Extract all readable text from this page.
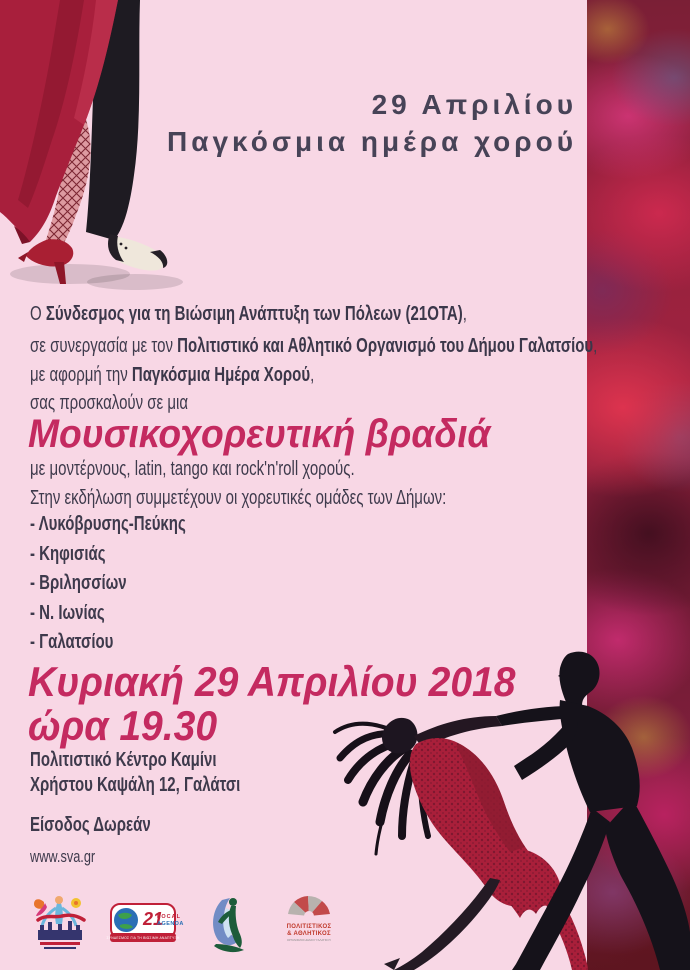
29 Απριλίου
Παγκόσμια ημέρα χορού
Ο Σύνδεσμος για τη Βιώσιμη Ανάπτυξη των Πόλεων (21ΟΤΑ),
σε συνεργασία με τον Πολιτιστικό και Αθλητικό Οργανισμό του Δήμου Γαλατσίου,
με αφορμή την Παγκόσμια Ημέρα Χορού,
σας προσκαλούν σε μια
Μουσικοχορευτική βραδιά
με μοντέρνους, latin, tango και rock'n'roll χορούς.
Στην εκδήλωση συμμετέχουν οι χορευτικές ομάδες των Δήμων:

- Λυκόβρυσης-Πεύκης

- Κηφισιάς

- Βριλησσίων

- Ν. Ιωνίας

- Γαλατσίου

Κυριακή 29 Απριλίου 2018
ώρα 19.30

Πολιτιστικό Κέντρο Καμίνι

Χρήστου Καψάλη 12, Γαλάτσι

Είσοδος Δωρεάν
www.sva.gr
21
LOCAL
AGENDA
ΣΥΝΔΕΣΜΟΣ ΓΙΑ ΤΗ ΒΙΩΣΙΜΗ ΑΝΑΠΤΥΞΗ
ΠΟΛΙΤΙΣΤΙΚΟΣ
& ΑΘΛΗΤΙΚΟΣ
ΟΡΓΑΝΙΣΜΟΣ ΔΗΜΟΥ ΓΑΛΑΤΣΙΟΥ
